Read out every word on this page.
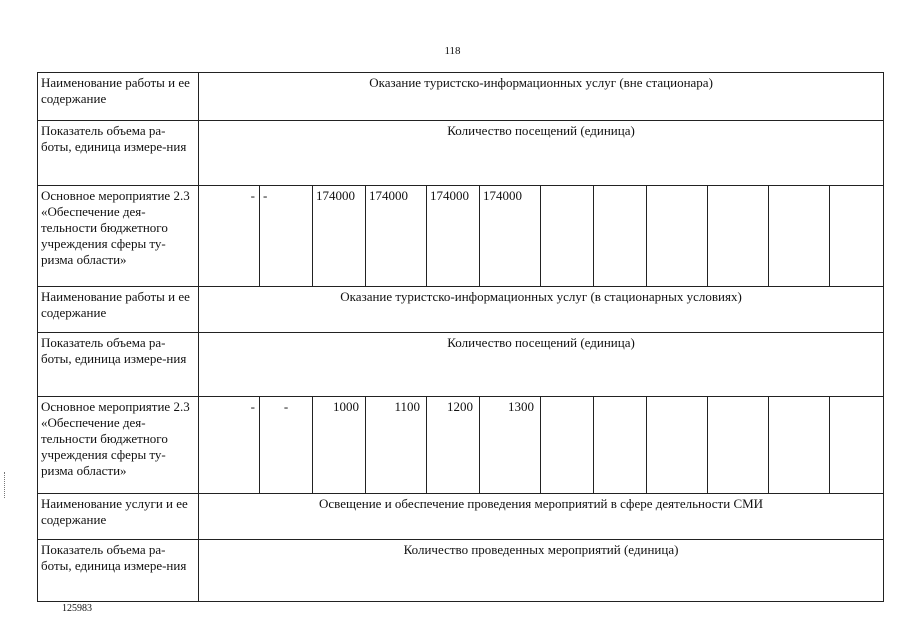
118
Наименование работы и ее содержание	Оказание туристско-информационных услуг (вне стационара)											
Показатель объема ра-боты, единица измере-ния	Количество посещений (единица)											
Основное мероприятие 2.3 «Обеспечение дея-тельности бюджетного учреждения сферы ту-ризма области»	-	-	174000	174000	174000	174000						
Наименование работы и ее содержание	Оказание туристско-информационных услуг (в стационарных условиях)											
Показатель объема ра-боты, единица измере-ния	Количество посещений (единица)											
Основное мероприятие 2.3 «Обеспечение дея-тельности бюджетного учреждения сферы ту-ризма области»	-	-	1000	1100	1200	1300						
Наименование услуги и ее содержание	Освещение и обеспечение проведения мероприятий в сфере деятельности СМИ											
Показатель объема ра-боты, единица измере-ния	Количество проведенных мероприятий (единица)											
125983
